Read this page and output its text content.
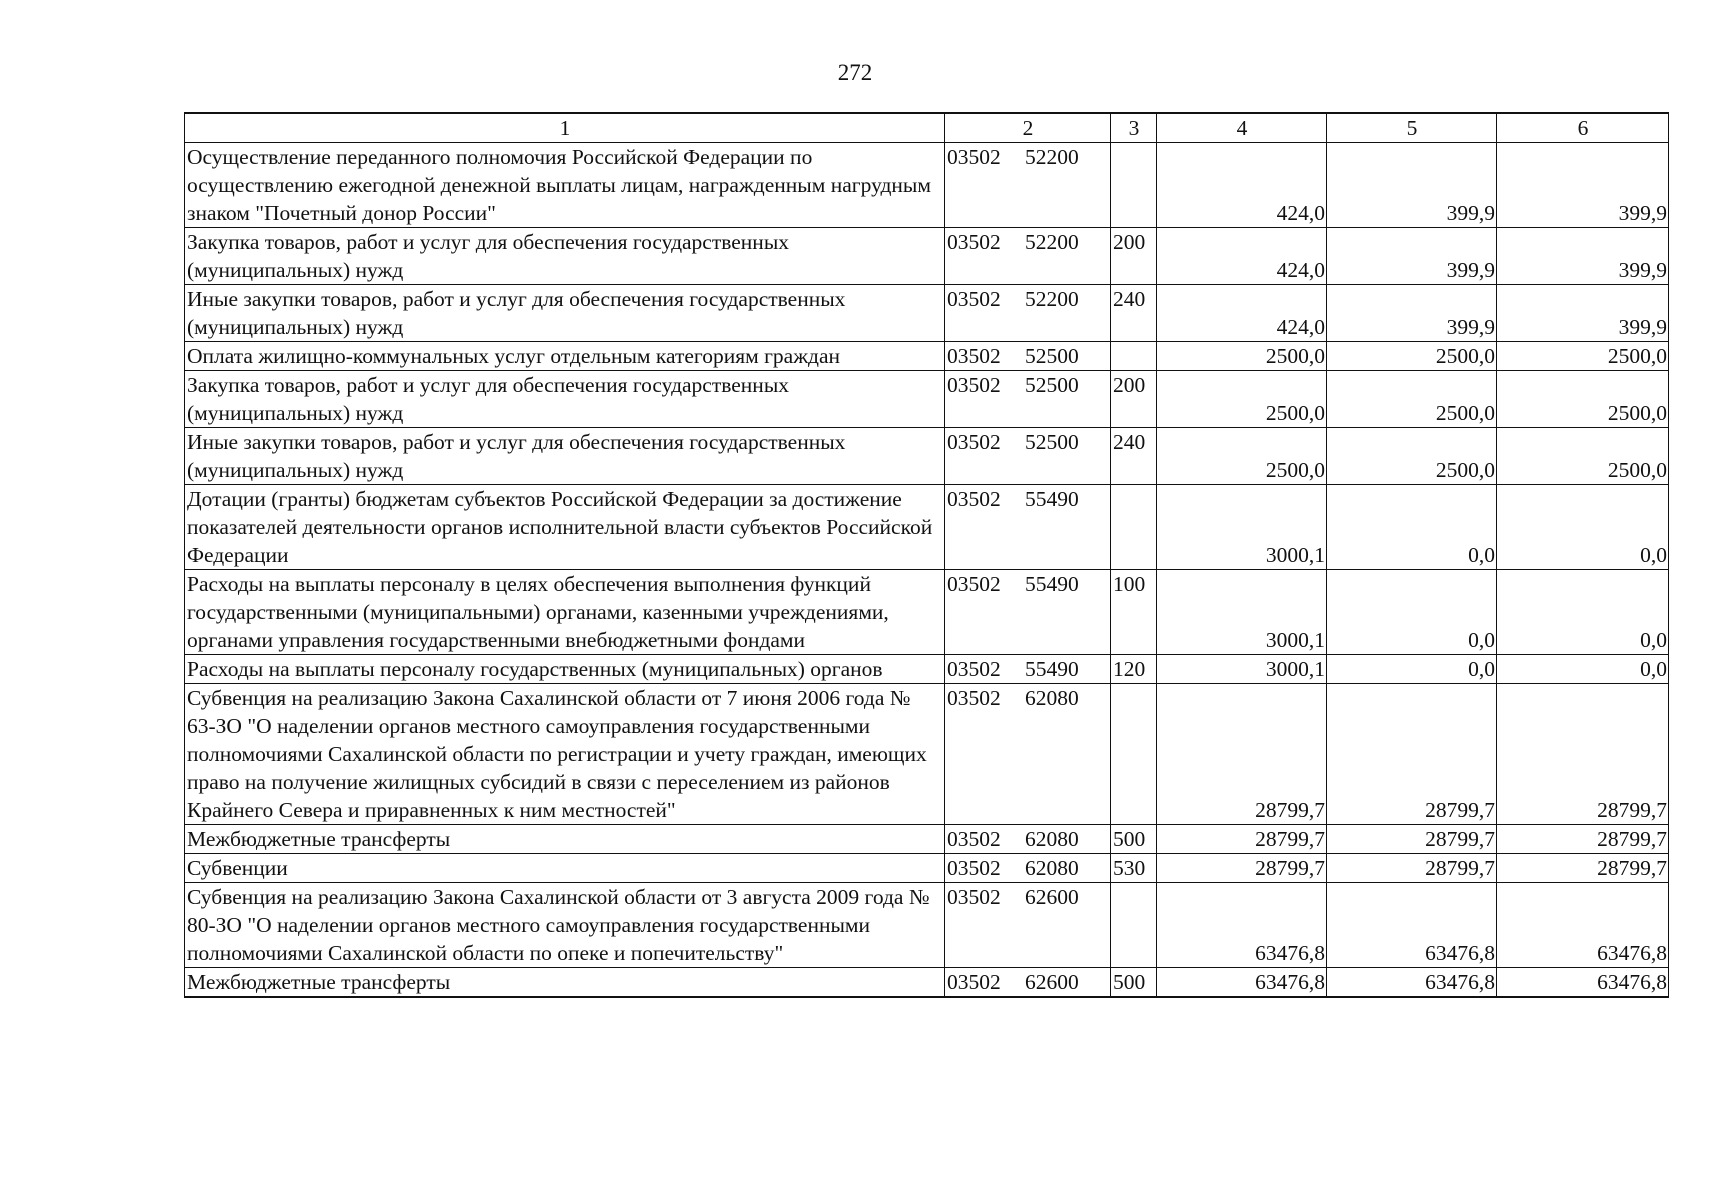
272
1	2	3	4	5	6
Осуществление переданного полномочия Российской Федерации по осуществлению ежегодной денежной выплаты лицам, награжденным нагрудным знаком "Почетный донор России"	03502 52200		424,0	399,9	399,9
Закупка товаров, работ и услуг для обеспечения государственных (муниципальных) нужд	03502 52200	200	424,0	399,9	399,9
Иные закупки товаров, работ и услуг для обеспечения государственных (муниципальных) нужд	03502 52200	240	424,0	399,9	399,9
Оплата жилищно-коммунальных услуг отдельным категориям граждан	03502 52500		2500,0	2500,0	2500,0
Закупка товаров, работ и услуг для обеспечения государственных (муниципальных) нужд	03502 52500	200	2500,0	2500,0	2500,0
Иные закупки товаров, работ и услуг для обеспечения государственных (муниципальных) нужд	03502 52500	240	2500,0	2500,0	2500,0
Дотации (гранты) бюджетам субъектов Российской Федерации за достижение показателей деятельности органов исполнительной власти субъектов Российской Федерации	03502 55490		3000,1	0,0	0,0
Расходы на выплаты персоналу в целях обеспечения выполнения функций государственными (муниципальными) органами, казенными учреждениями, органами управления государственными внебюджетными фондами	03502 55490	100	3000,1	0,0	0,0
Расходы на выплаты персоналу государственных (муниципальных) органов	03502 55490	120	3000,1	0,0	0,0
Субвенция на реализацию Закона Сахалинской области от 7 июня 2006 года № 63-ЗО "О наделении органов местного самоуправления государственными полномочиями Сахалинской области по регистрации и учету граждан, имеющих право на получение жилищных субсидий в связи с переселением из районов Крайнего Севера и приравненных к ним местностей"	03502 62080		28799,7	28799,7	28799,7
Межбюджетные трансферты	03502 62080	500	28799,7	28799,7	28799,7
Субвенции	03502 62080	530	28799,7	28799,7	28799,7
Субвенция на реализацию Закона Сахалинской области от 3 августа 2009 года № 80-ЗО "О наделении органов местного самоуправления государственными полномочиями Сахалинской области по опеке и попечительству"	03502 62600		63476,8	63476,8	63476,8
Межбюджетные трансферты	03502 62600	500	63476,8	63476,8	63476,8
